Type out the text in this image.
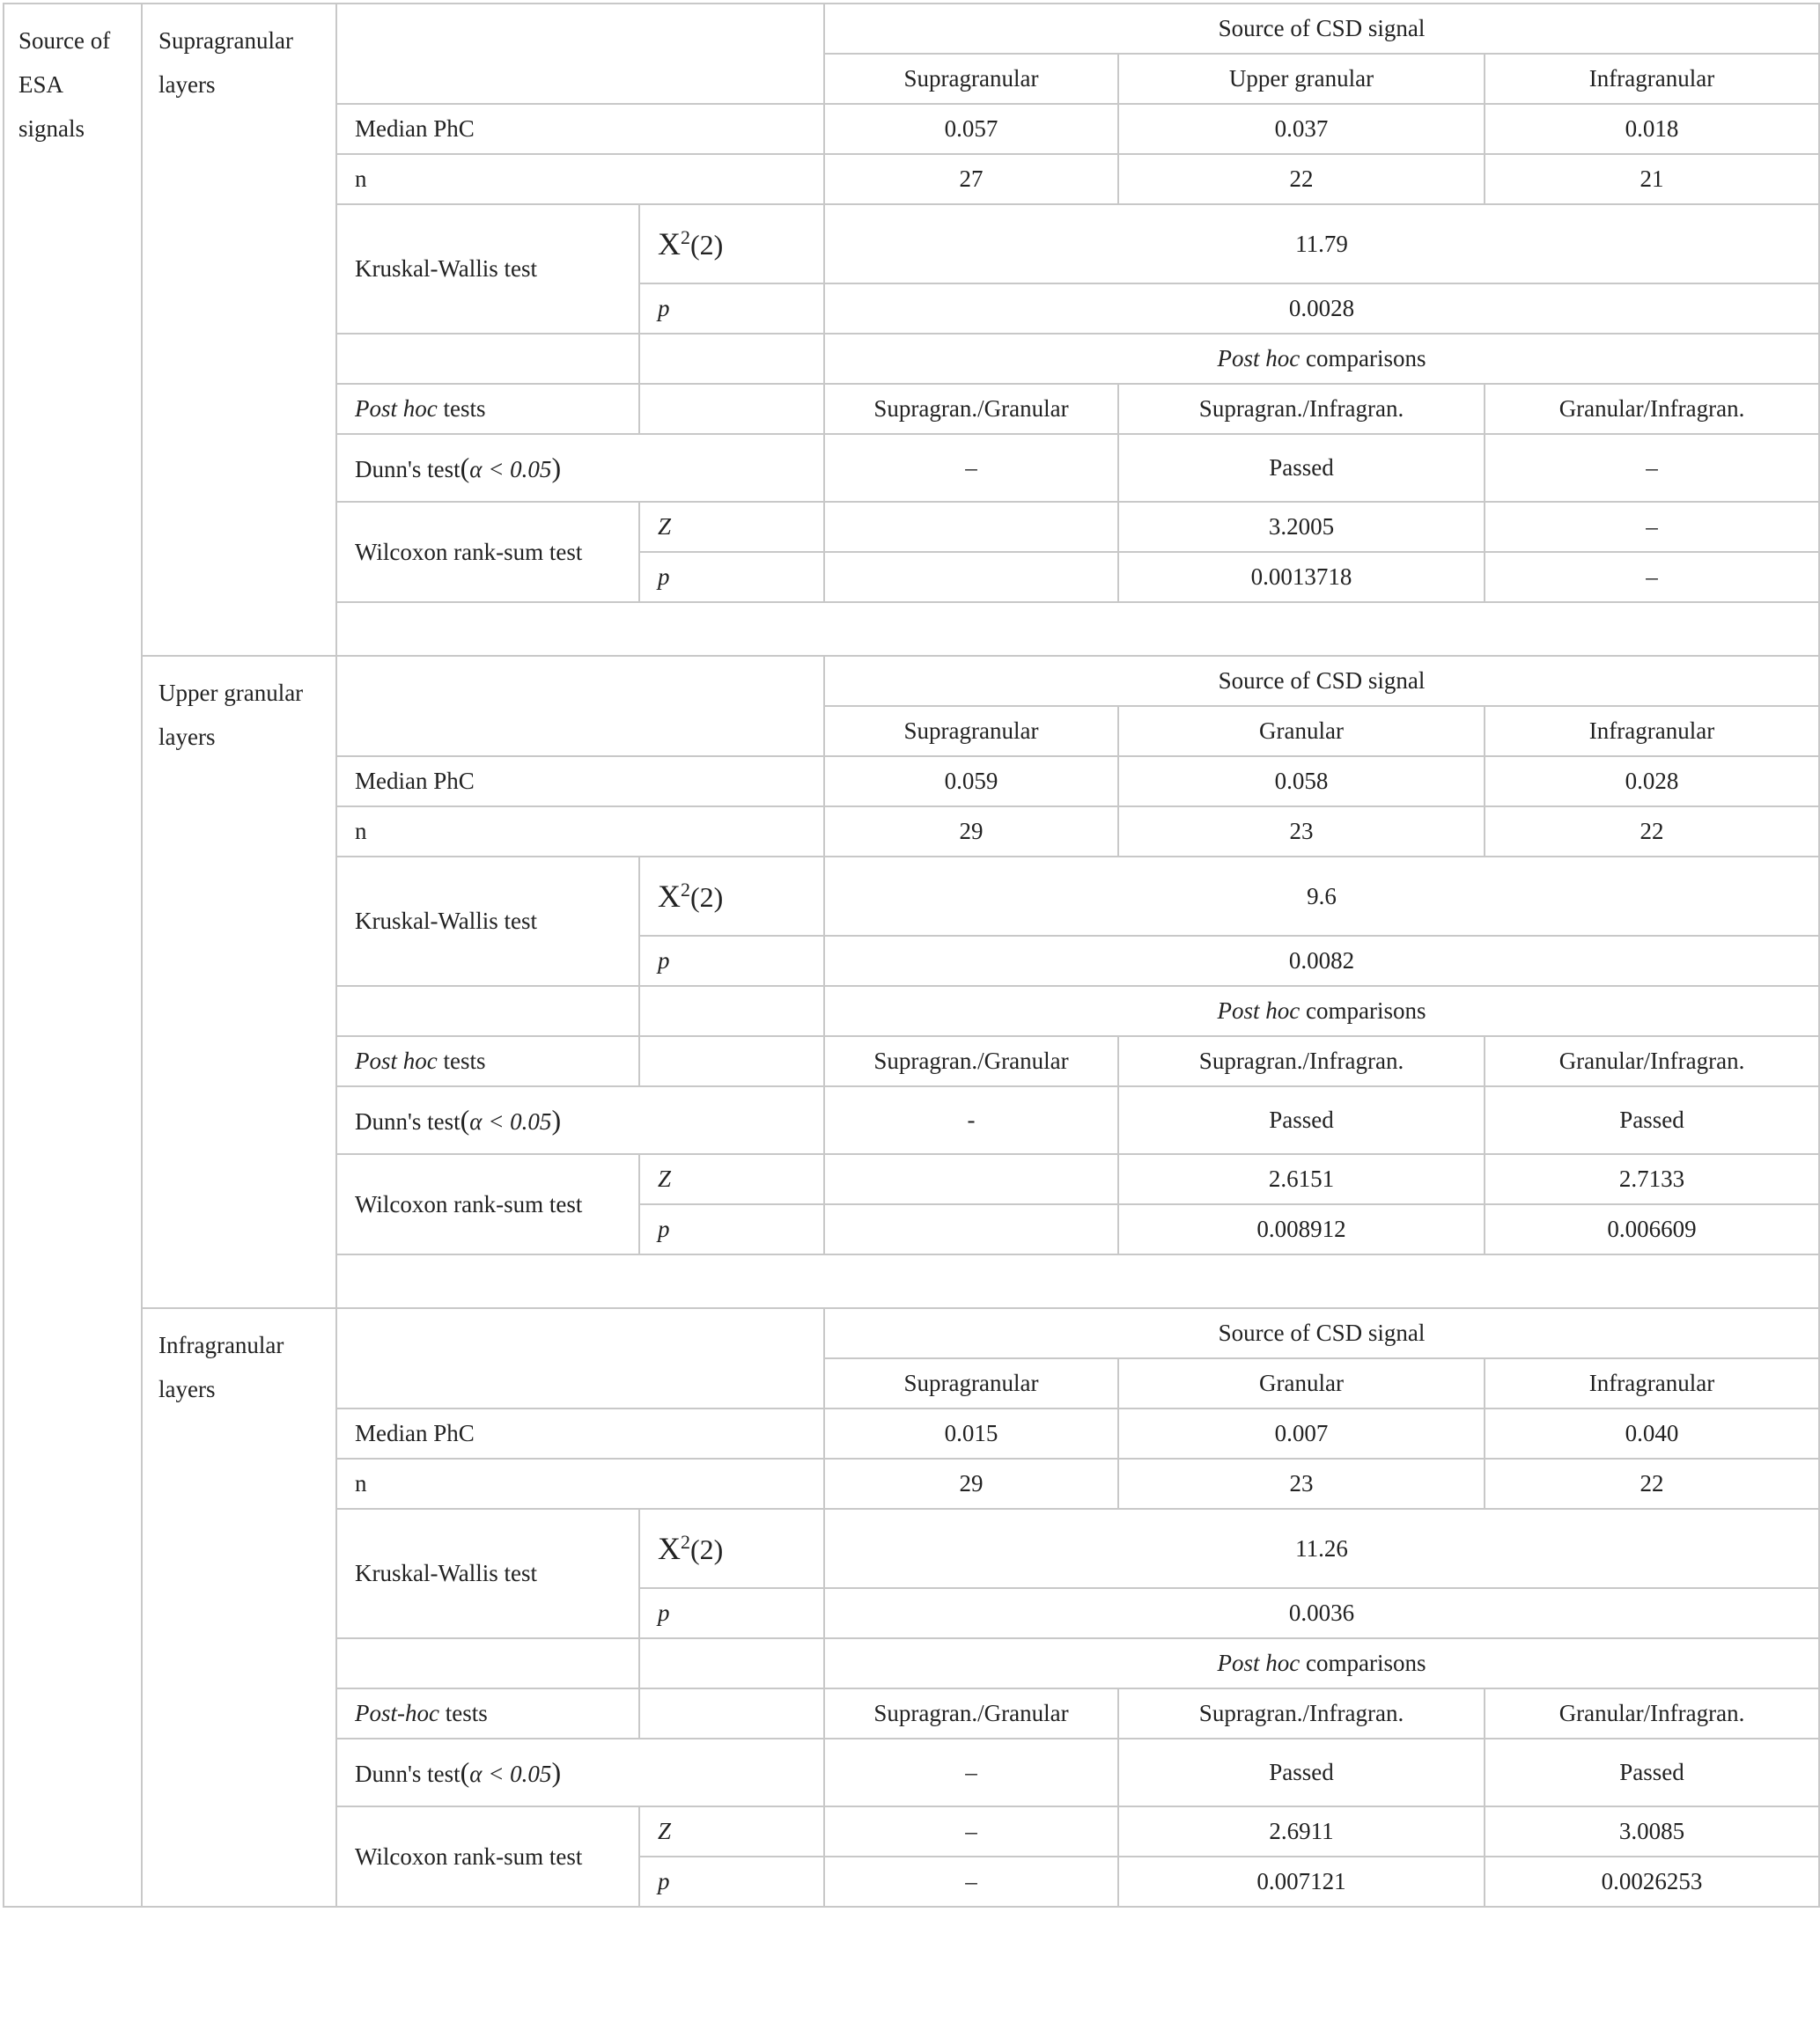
Source of ESA signals	Supragranular layers			Source of CSD signal		
				Supragranular	Upper granular	Infragranular
		Median PhC		0.057	0.037	0.018
		n		27	22	21
		Kruskal-Wallis test	$X^2(2)$	11.79		
			p	0.0028		
				Post hoc comparisons		
		Post hoc tests		Supragran./Granular	Supragran./Infragran.	Granular/Infragran.
		Dunn's test(α < 0.05)		–	Passed	–
		Wilcoxon rank-sum test	Z		3.2005	–
			p		0.0013718	–

	Upper granular layers			Source of CSD signal		
				Supragranular	Granular	Infragranular
		Median PhC		0.059	0.058	0.028
		n		29	23	22
		Kruskal-Wallis test	$X^2(2)$	9.6		
			p	0.0082		
				Post hoc comparisons		
		Post hoc tests		Supragran./Granular	Supragran./Infragran.	Granular/Infragran.
		Dunn's test(α < 0.05)		-	Passed	Passed
		Wilcoxon rank-sum test	Z		2.6151	2.7133
			p		0.008912	0.006609

	Infragranular layers			Source of CSD signal		
				Supragranular	Granular	Infragranular
		Median PhC		0.015	0.007	0.040
		n		29	23	22
		Kruskal-Wallis test	$X^2(2)$	11.26		
			p	0.0036		
				Post hoc comparisons		
		Post-hoc tests		Supragran./Granular	Supragran./Infragran.	Granular/Infragran.
		Dunn's test(α < 0.05)		–	Passed	Passed
		Wilcoxon rank-sum test	Z	–	2.6911	3.0085
			p	–	0.007121	0.0026253
